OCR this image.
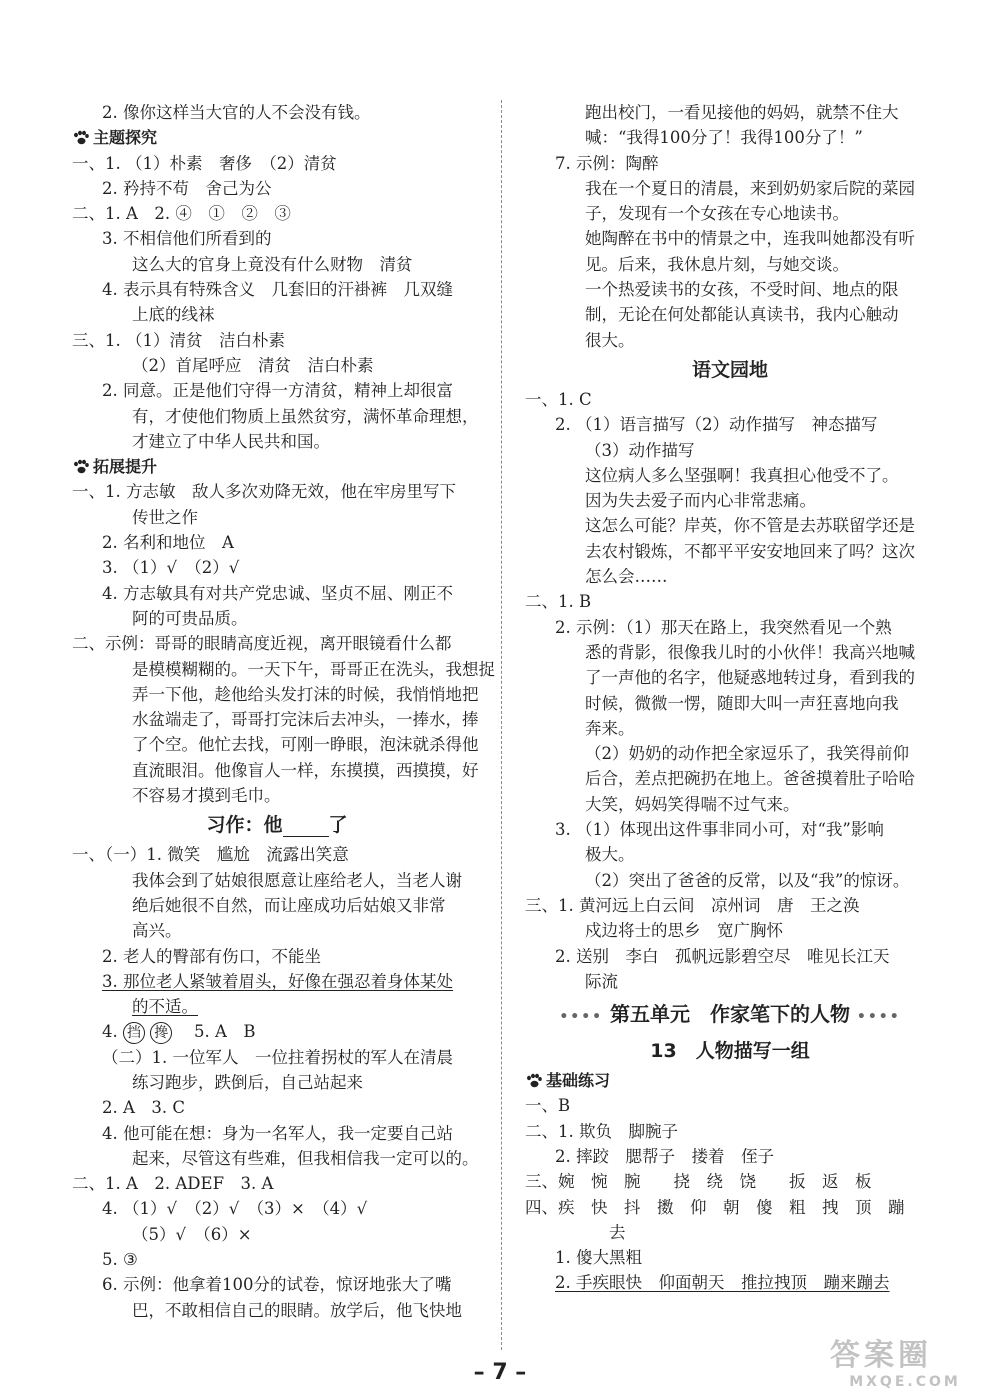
2. 像你这样当大官的人不会没有钱。
主题探究
一、1. （1）朴素　奢侈　（2）清贫
2. 矜持不苟　舍己为公
二、1. A　2. ④　①　②　③
3. 不相信他们所看到的
这么大的官身上竟没有什么财物　清贫
4. 表示具有特殊含义　几套旧的汗褂裤　几双缝
上底的线袜
三、1. （1）清贫　洁白朴素
（2）首尾呼应　清贫　洁白朴素
2. 同意。正是他们守得一方清贫，精神上却很富
有，才使他们物质上虽然贫穷，满怀革命理想，
才建立了中华人民共和国。
拓展提升
一、1. 方志敏　敌人多次劝降无效，他在牢房里写下
传世之作
2. 名利和地位　A
3. （1）√　（2）√
4. 方志敏具有对共产党忠诚、坚贞不屈、刚正不
阿的可贵品质。
二、示例：哥哥的眼睛高度近视，离开眼镜看什么都
是模模糊糊的。一天下午，哥哥正在洗头，我想捉
弄一下他，趁他给头发打沫的时候，我悄悄地把
水盆端走了，哥哥打完沫后去冲头，一捧水，捧
了个空。他忙去找，可刚一睁眼，泡沫就杀得他
直流眼泪。他像盲人一样，东摸摸，西摸摸，好
不容易才摸到毛巾。
习作：他 了
一、（一）1. 微笑　尴尬　流露出笑意
我体会到了姑娘很愿意让座给老人，当老人谢
绝后她很不自然，而让座成功后姑娘又非常
高兴。
2. 老人的臀部有伤口，不能坐
3. 那位老人紧皱着眉头，好像在强忍着身体某处
的不适。
4. 挡 搀 　5. A　B
（二）1. 一位军人　一位拄着拐杖的军人在清晨
练习跑步，跌倒后，自己站起来
2. A　3. C
4. 他可能在想：身为一名军人，我一定要自己站
起来，尽管这有些难，但我相信我一定可以的。
二、1. A　2. ADEF　3. A
4. （1）√　（2）√　（3）×　（4）√
（5）√　（6）×
5. ③
6. 示例：他拿着100分的试卷，惊讶地张大了嘴
巴，不敢相信自己的眼睛。放学后，他飞快地
跑出校门，一看见接他的妈妈，就禁不住大
喊：“我得100分了！我得100分了！”
7. 示例：陶醉
我在一个夏日的清晨，来到奶奶家后院的菜园
子，发现有一个女孩在专心地读书。
她陶醉在书中的情景之中，连我叫她都没有听
见。后来，我休息片刻，与她交谈。
一个热爱读书的女孩，不受时间、地点的限
制，无论在何处都能认真读书，我内心触动
很大。
语文园地
一、1. C
2. （1）语言描写（2）动作描写　神态描写
（3）动作描写
这位病人多么坚强啊！我真担心他受不了。
因为失去爱子而内心非常悲痛。
这怎么可能？岸英，你不管是去苏联留学还是
去农村锻炼，不都平平安安地回来了吗？这次
怎么会……
二、1. B
2. 示例：（1）那天在路上，我突然看见一个熟
悉的背影，很像我儿时的小伙伴！我高兴地喊
了一声他的名字，他疑惑地转过身，看到我的
时候，微微一愣，随即大叫一声狂喜地向我
奔来。
（2）奶奶的动作把全家逗乐了，我笑得前仰
后合，差点把碗扔在地上。爸爸摸着肚子哈哈
大笑，妈妈笑得喘不过气来。
3. （1）体现出这件事非同小可，对“我”影响
极大。
（2）突出了爸爸的反常，以及“我”的惊讶。
三、1. 黄河远上白云间　凉州词　唐　王之涣
戍边将士的思乡　宽广胸怀
2. 送别　李白　孤帆远影碧空尽　唯见长江天
际流
•••• 第五单元　作家笔下的人物 ••••
13　人物描写一组
基础练习
一、B
二、1. 欺负　脚腕子
2. 摔跤　腮帮子　搂着　侄子
三、婉　惋　腕　　挠　绕　饶　　扳　返　板
四、疾　快　抖　擞　仰　朝　傻　粗　拽　顶　蹦
去
1. 傻大黑粗
2. 手疾眼快　仰面朝天　推拉拽顶　蹦来蹦去
– 7 –	答案圈
MXQE.COM
